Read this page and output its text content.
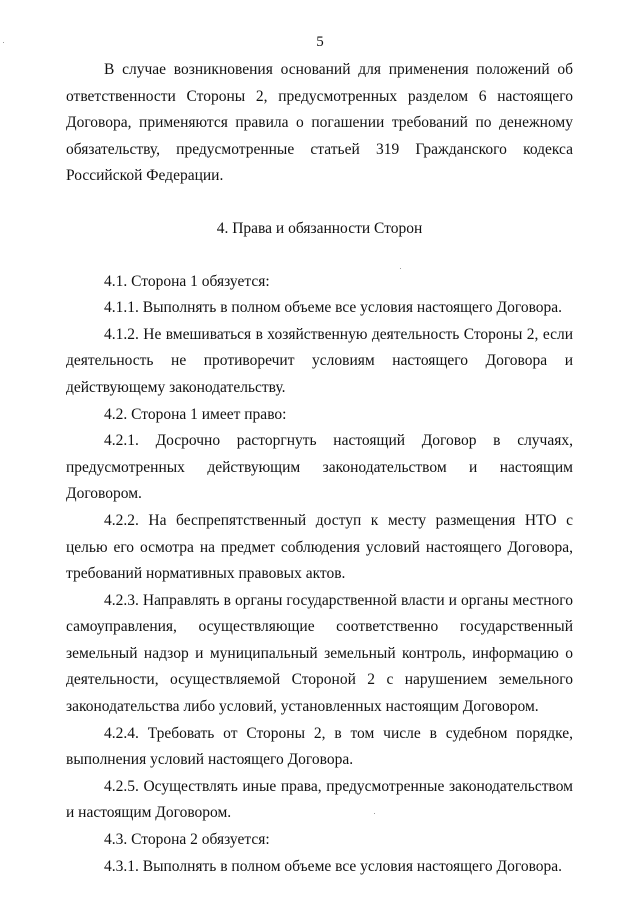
5

В случае возникновения оснований для применения положений об ответственности Стороны 2, предусмотренных разделом 6 настоящего Договора, применяются правила о погашении требований по денежному обязательству, предусмотренные статьей 319 Гражданского кодекса Российской Федерации.

4. Права и обязанности Сторон

4.1. Сторона 1 обязуется:

4.1.1. Выполнять в полном объеме все условия настоящего Договора.

4.1.2. Не вмешиваться в хозяйственную деятельность Стороны 2, если деятельность не противоречит условиям настоящего Договора и действующему законодательству.

4.2. Сторона 1 имеет право:

4.2.1. Досрочно расторгнуть настоящий Договор в случаях, предусмотренных действующим законодательством и настоящим Договором.

4.2.2. На беспрепятственный доступ к месту размещения НТО с целью его осмотра на предмет соблюдения условий настоящего Договора, требований нормативных правовых актов.

4.2.3. Направлять в органы государственной власти и органы местного самоуправления, осуществляющие соответственно государственный земельный надзор и муниципальный земельный контроль, информацию о деятельности, осуществляемой Стороной 2 с нарушением земельного законодательства либо условий, установленных настоящим Договором.

4.2.4. Требовать от Стороны 2, в том числе в судебном порядке, выполнения условий настоящего Договора.

4.2.5. Осуществлять иные права, предусмотренные законодательством и настоящим Договором.

4.3. Сторона 2 обязуется:

4.3.1. Выполнять в полном объеме все условия настоящего Договора.
